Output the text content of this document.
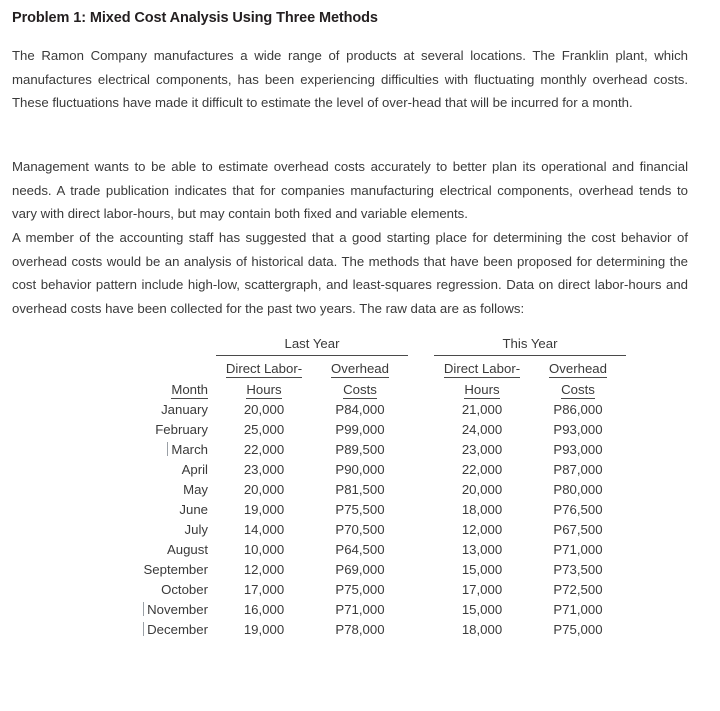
Problem 1: Mixed Cost Analysis Using Three Methods
The Ramon Company manufactures a wide range of products at several locations. The Franklin plant, which manufactures electrical components, has been experiencing difficulties with fluctuating monthly overhead costs. These fluctuations have made it difficult to estimate the level of over-head that will be incurred for a month.
Management wants to be able to estimate overhead costs accurately to better plan its operational and financial needs. A trade publication indicates that for companies manufacturing electrical components, overhead tends to vary with direct labor-hours, but may contain both fixed and variable elements.
A member of the accounting staff has suggested that a good starting place for determining the cost behavior of overhead costs would be an analysis of historical data. The methods that have been proposed for determining the cost behavior pattern include high-low, scattergraph, and least-squares regression. Data on direct labor-hours and overhead costs have been collected for the past two years. The raw data are as follows:

	Last Year			This Year	

	Direct Labor-	Overhead		Direct Labor-	Overhead
Month	Hours	Costs		Hours	Costs
January	20,000	P84,000		21,000	P86,000
February	25,000	P99,000		24,000	P93,000
March	22,000	P89,500		23,000	P93,000
April	23,000	P90,000		22,000	P87,000
May	20,000	P81,500		20,000	P80,000
June	19,000	P75,500		18,000	P76,500
July	14,000	P70,500		12,000	P67,500
August	10,000	P64,500		13,000	P71,000
September	12,000	P69,000		15,000	P73,500
October	17,000	P75,000		17,000	P72,500
November	16,000	P71,000		15,000	P71,000
December	19,000	P78,000		18,000	P75,000
